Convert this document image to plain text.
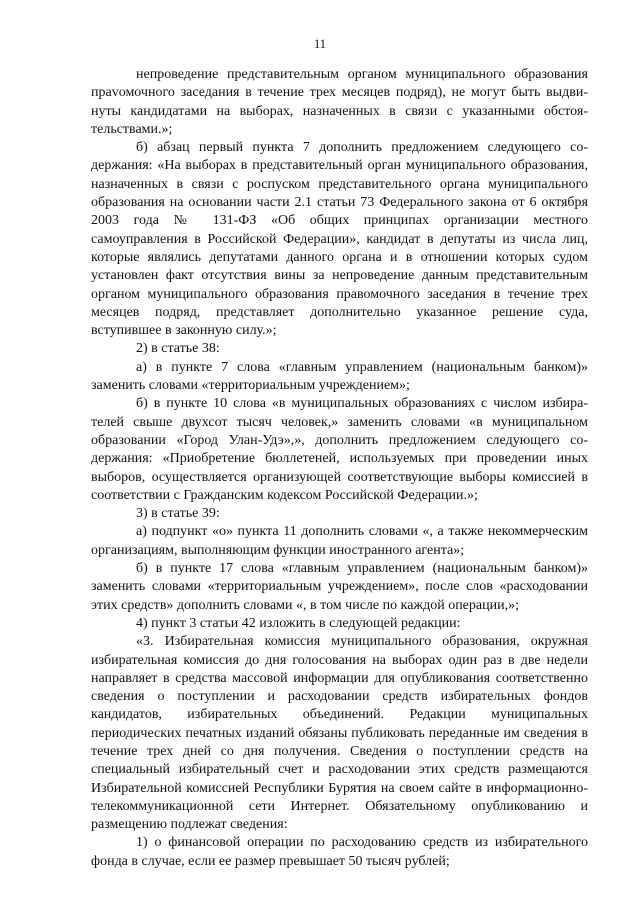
11

непроведение представительным органом муниципального образования праvомочного заседания в течение трех месяцев подряд), не могут быть выдвинуты кандидатами на выборах, назначенных в связи с указанными обстоятельствами.»;

б) абзац первый пункта 7 дополнить предложением следующего содержания: «На выборах в представительный орган муниципального образования, назначенных в связи с роспуском представительного органа муниципального образования на основании части 2.1 статьи 73 Федерального закона от 6 октября 2003 года № 131-ФЗ «Об общих принципах организации местного самоуправления в Российской Федерации», кандидат в депутаты из числа лиц, которые являлись депутатами данного органа и в отношении которых судом установлен факт отсутствия вины за непроведение данным представительным органом муниципального образования правомочного заседания в течение трех месяцев подряд, представляет дополнительно указанное решение суда, вступившее в законную силу.»;

2) в статье 38:

а) в пункте 7 слова «главным управлением (национальным банком)» заменить словами «территориальным учреждением»;

б) в пункте 10 слова «в муниципальных образованиях с числом избирателей свыше двухсот тысяч человек,» заменить словами «в муниципальном образовании «Город Улан-Удэ»,», дополнить предложением следующего содержания: «Приобретение бюллетеней, используемых при проведении иных выборов, осуществляется организующей соответствующие выборы комиссией в соответствии с Гражданским кодексом Российской Федерации.»;

3) в статье 39:

а) подпункт «о» пункта 11 дополнить словами «, а также некоммерческим организациям, выполняющим функции иностранного агента»;

б) в пункте 17 слова «главным управлением (национальным банком)» заменить словами «территориальным учреждением», после слов «расходовании этих средств» дополнить словами «, в том числе по каждой операции,»;

4) пункт 3 статьи 42 изложить в следующей редакции:

«3. Избирательная комиссия муниципального образования, окружная избирательная комиссия до дня голосования на выборах один раз в две недели направляет в средства массовой информации для опубликования соответственно сведения о поступлении и расходовании средств избирательных фондов кандидатов, избирательных объединений. Редакции муниципальных периодических печатных изданий обязаны публиковать переданные им сведения в течение трех дней со дня получения. Сведения о поступлении средств на специальный избирательный счет и расходовании этих средств размещаются Избирательной комиссией Республики Бурятия на своем сайте в информационно-телекоммуникационной сети Интернет. Обязательному опубликованию и размещению подлежат сведения:

1) о финансовой операции по расходованию средств из избирательного фонда в случае, если ее размер превышает 50 тысяч рублей;
